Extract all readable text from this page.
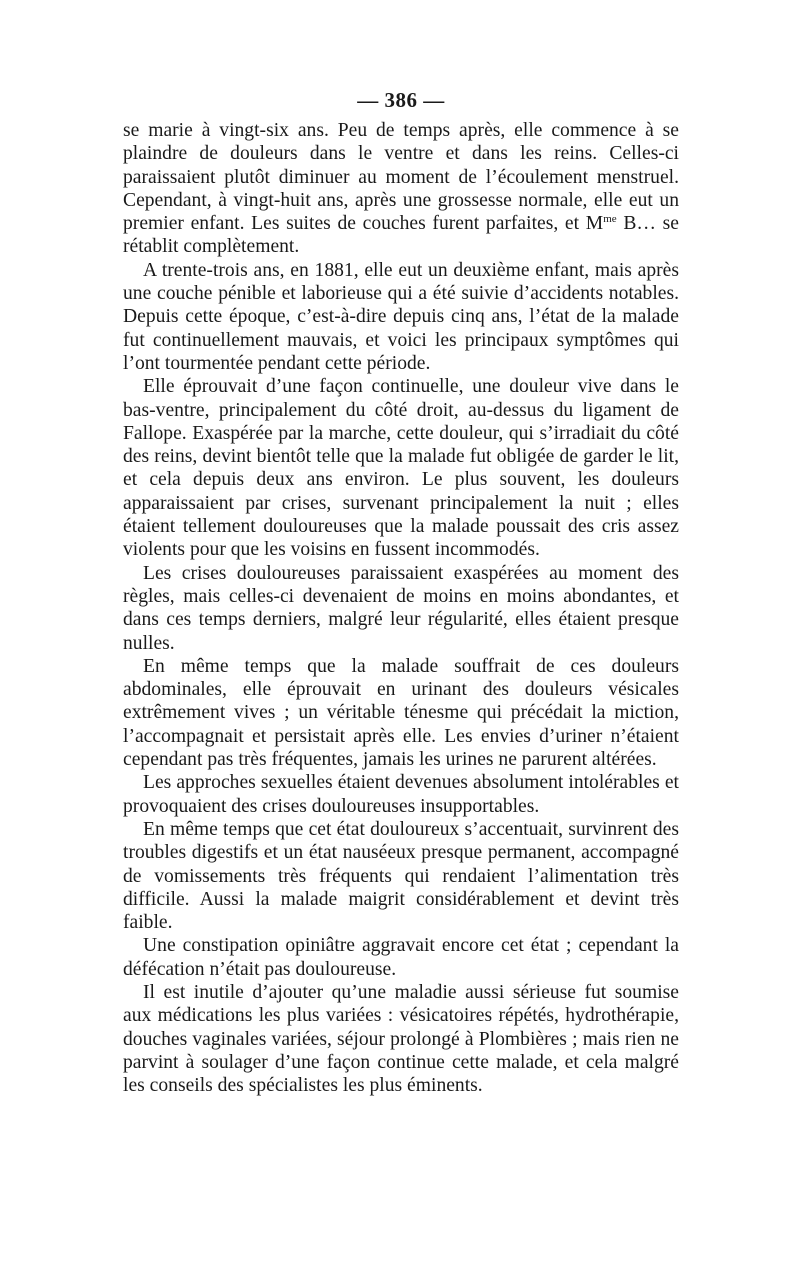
— 386 —

se marie à vingt-six ans. Peu de temps après, elle commence à se plaindre de douleurs dans le ventre et dans les reins. Celles-ci paraissaient plutôt diminuer au moment de l’écoulement menstruel. Cependant, à vingt-huit ans, après une grossesse normale, elle eut un premier enfant. Les suites de couches furent parfaites, et $M^{me}$ B… se rétablit complètement.

A trente-trois ans, en 1881, elle eut un deuxième enfant, mais après une couche pénible et laborieuse qui a été suivie d’accidents notables. Depuis cette époque, c’est-à-dire depuis cinq ans, l’état de la malade fut continuellement mauvais, et voici les principaux symptômes qui l’ont tourmentée pendant cette période.

Elle éprouvait d’une façon continuelle, une douleur vive dans le bas-ventre, principalement du côté droit, au-dessus du ligament de Fallope. Exaspérée par la marche, cette douleur, qui s’irradiait du côté des reins, devint bientôt telle que la malade fut obligée de garder le lit, et cela depuis deux ans environ. Le plus souvent, les douleurs apparaissaient par crises, survenant principalement la nuit ; elles étaient tellement douloureuses que la malade poussait des cris assez violents pour que les voisins en fussent incommodés.

Les crises douloureuses paraissaient exaspérées au moment des règles, mais celles-ci devenaient de moins en moins abondantes, et dans ces temps derniers, malgré leur régularité, elles étaient presque nulles.

En même temps que la malade souffrait de ces douleurs abdominales, elle éprouvait en urinant des douleurs vésicales extrêmement vives ; un véritable ténesme qui précédait la miction, l’accompagnait et persistait après elle. Les envies d’uriner n’étaient cependant pas très fréquentes, jamais les urines ne parurent altérées.

Les approches sexuelles étaient devenues absolument intolérables et provoquaient des crises douloureuses insupportables.

En même temps que cet état douloureux s’accentuait, survinrent des troubles digestifs et un état nauséeux presque permanent, accompagné de vomissements très fréquents qui rendaient l’alimentation très difficile. Aussi la malade maigrit considérablement et devint très faible.

Une constipation opiniâtre aggravait encore cet état ; cependant la défécation n’était pas douloureuse.

Il est inutile d’ajouter qu’une maladie aussi sérieuse fut soumise aux médications les plus variées : vésicatoires répétés, hydrothérapie, douches vaginales variées, séjour prolongé à Plombières ; mais rien ne parvint à soulager d’une façon continue cette malade, et cela malgré les conseils des spécialistes les plus éminents.
